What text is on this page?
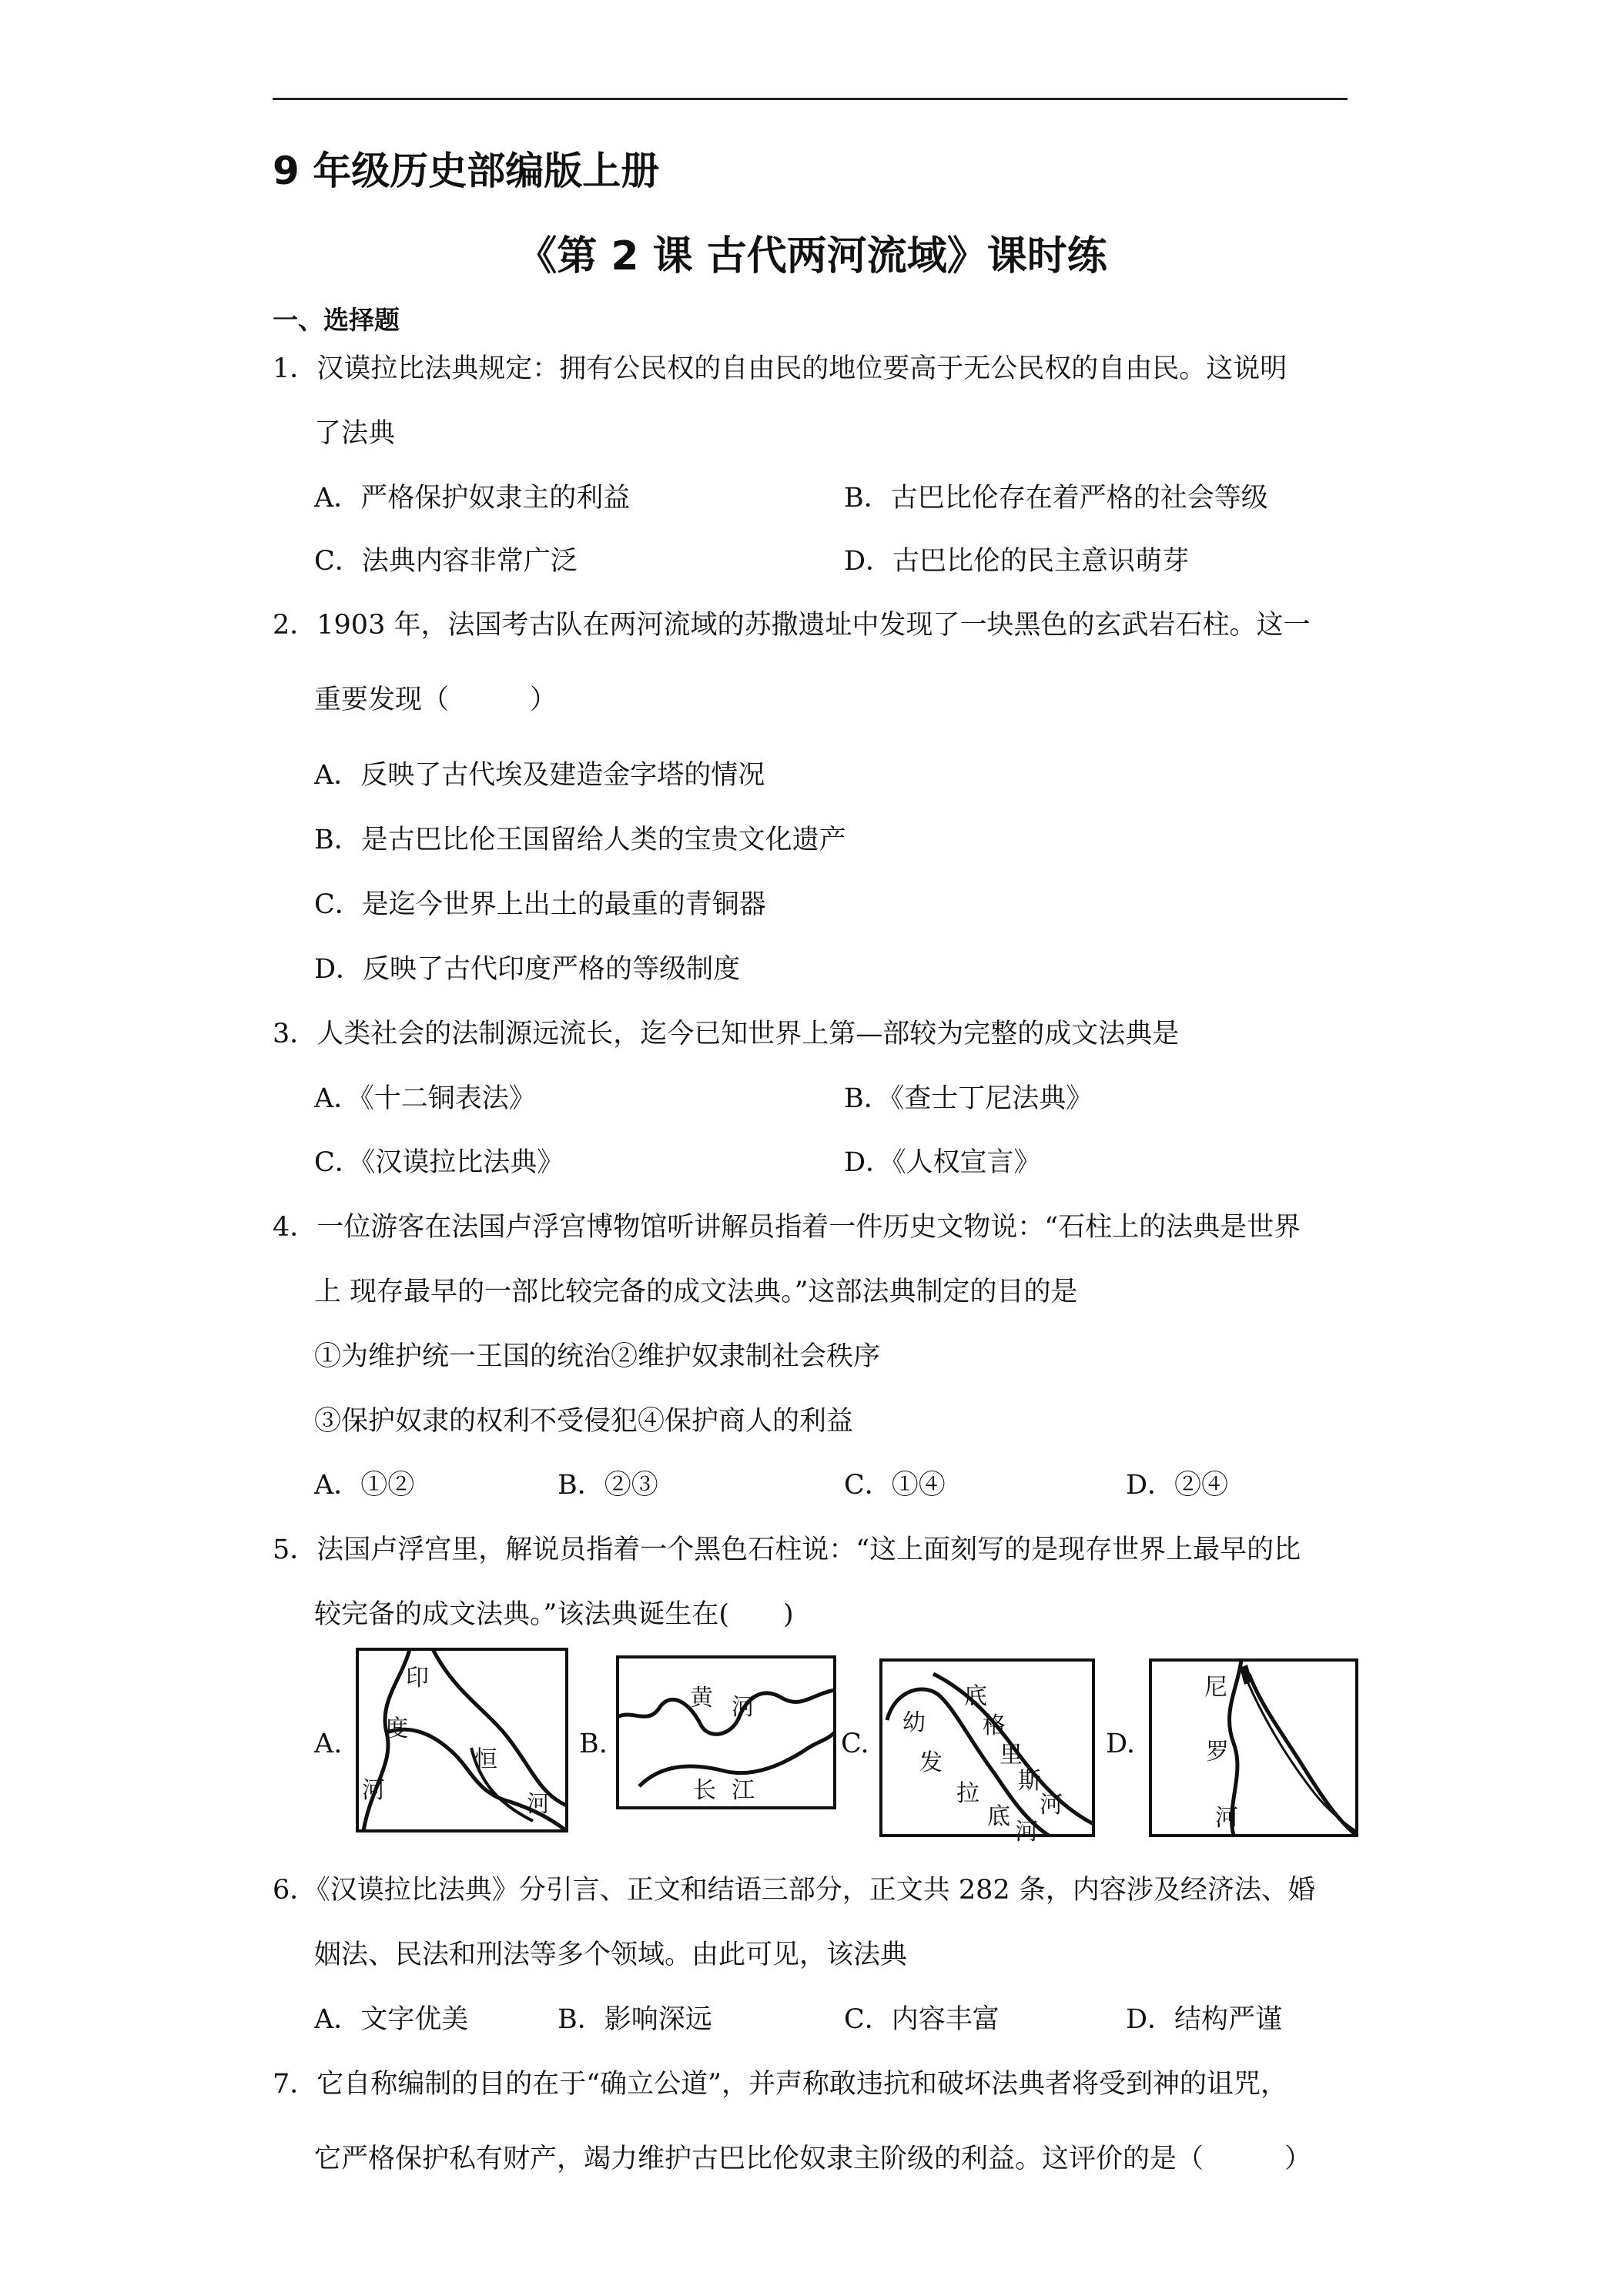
9 年级历史部编版上册
《第 2 课 古代两河流域》课时练
一、选择题
1．汉谟拉比法典规定：拥有公民权的自由民的地位要高于无公民权的自由民。这说明
了法典
A．严格保护奴隶主的利益	B．古巴比伦存在着严格的社会等级
C．法典内容非常广泛	D．古巴比伦的民主意识萌芽
2．1903 年，法国考古队在两河流域的苏撒遗址中发现了一块黑色的玄武岩石柱。这一
重要发现（　　　）
A．反映了古代埃及建造金字塔的情况
B．是古巴比伦王国留给人类的宝贵文化遗产
C．是迄今世界上出土的最重的青铜器
D．反映了古代印度严格的等级制度
3．人类社会的法制源远流长，迄今已知世界上第—部较为完整的成文法典是
A．《十二铜表法》	B．《查士丁尼法典》
C．《汉谟拉比法典》	D．《人权宣言》
4．一位游客在法国卢浮宫博物馆听讲解员指着一件历史文物说：“石柱上的法典是世界
上 现存最早的一部比较完备的成文法典。”这部法典制定的目的是
①为维护统一王国的统治②维护奴隶制社会秩序
③保护奴隶的权利不受侵犯④保护商人的利益
A．①②	B．②③	C．①④	D．②④
5．法国卢浮宫里，解说员指着一个黑色石柱说：“这上面刻写的是现存世界上最早的比
较完备的成文法典。”该法典诞生在(　　)
A.
印
度
河
恒
河
B.
黄 河
长 江
C.
幼
发
拉
底
河
底
格
里
斯
河
D.
尼
罗
河
6．《汉谟拉比法典》分引言、正文和结语三部分，正文共 282 条，内容涉及经济法、婚
姻法、民法和刑法等多个领域。由此可见，该法典
A．文字优美	B．影响深远	C．内容丰富	D．结构严谨
7．它自称编制的目的在于“确立公道”，并声称敢违抗和破坏法典者将受到神的诅咒，
它严格保护私有财产，竭力维护古巴比伦奴隶主阶级的利益。这评价的是（　　　）
